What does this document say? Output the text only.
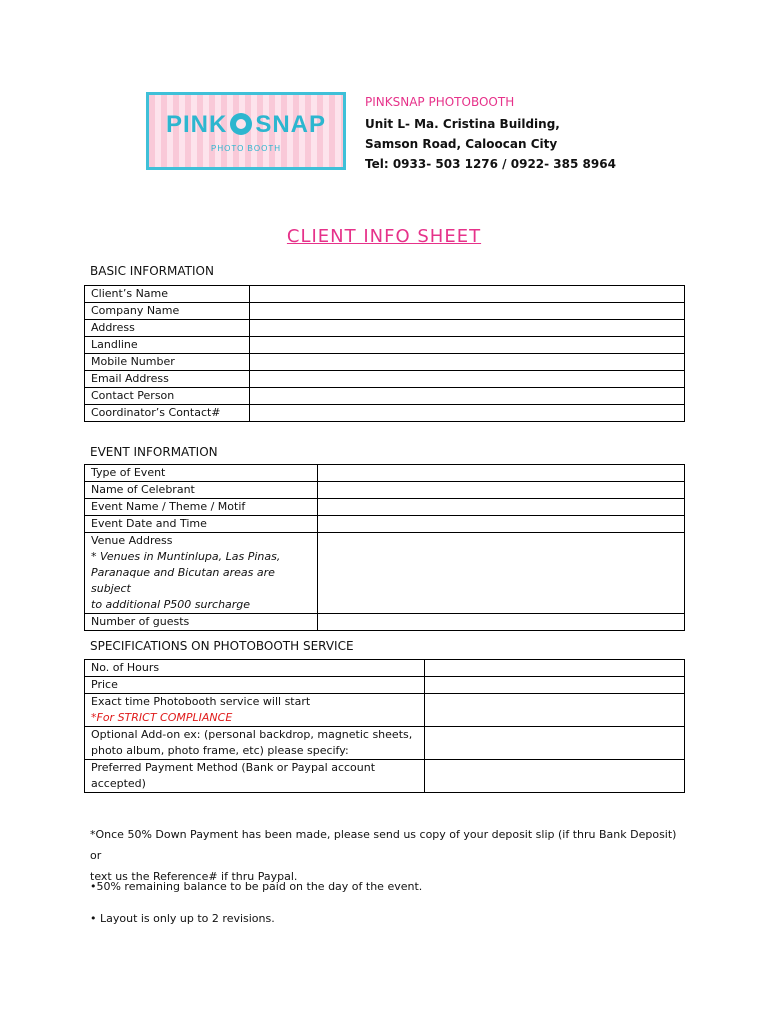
PINK SNAP
PHOTO BOOTH
PINKSNAP PHOTOBOOTH
Unit L- Ma. Cristina Building,
Samson Road, Caloocan City
Tel: 0933- 503 1276 / 0922- 385 8964
CLIENT INFO SHEET
BASIC INFORMATION
Client’s Name	
Company Name	
Address	
Landline	
Mobile Number	
Email Address	
Contact Person	
Coordinator’s Contact#	
EVENT INFORMATION
Type of Event	
Name of Celebrant	
Event Name / Theme / Motif	
Event Date and Time	

Venue Address
* Venues in Muntinlupa, Las Pinas,
Paranaque and Bicutan areas are subject
to additional P500 surcharge	

Number of guests	
SPECIFICATIONS ON PHOTOBOOTH SERVICE
No. of Hours	
Price	

Exact time Photobooth service will start
*For STRICT COMPLIANCE	

Optional Add-on ex: (personal backdrop, magnetic sheets,
photo album, photo frame, etc) please specify:	

Preferred Payment Method (Bank or Paypal account
accepted)	

*Once 50% Down Payment has been made, please send us copy of your deposit slip (if thru Bank Deposit) or
text us the Reference# if thru Paypal.
•50% remaining balance to be paid on the day of the event.
• Layout is only up to 2 revisions.
